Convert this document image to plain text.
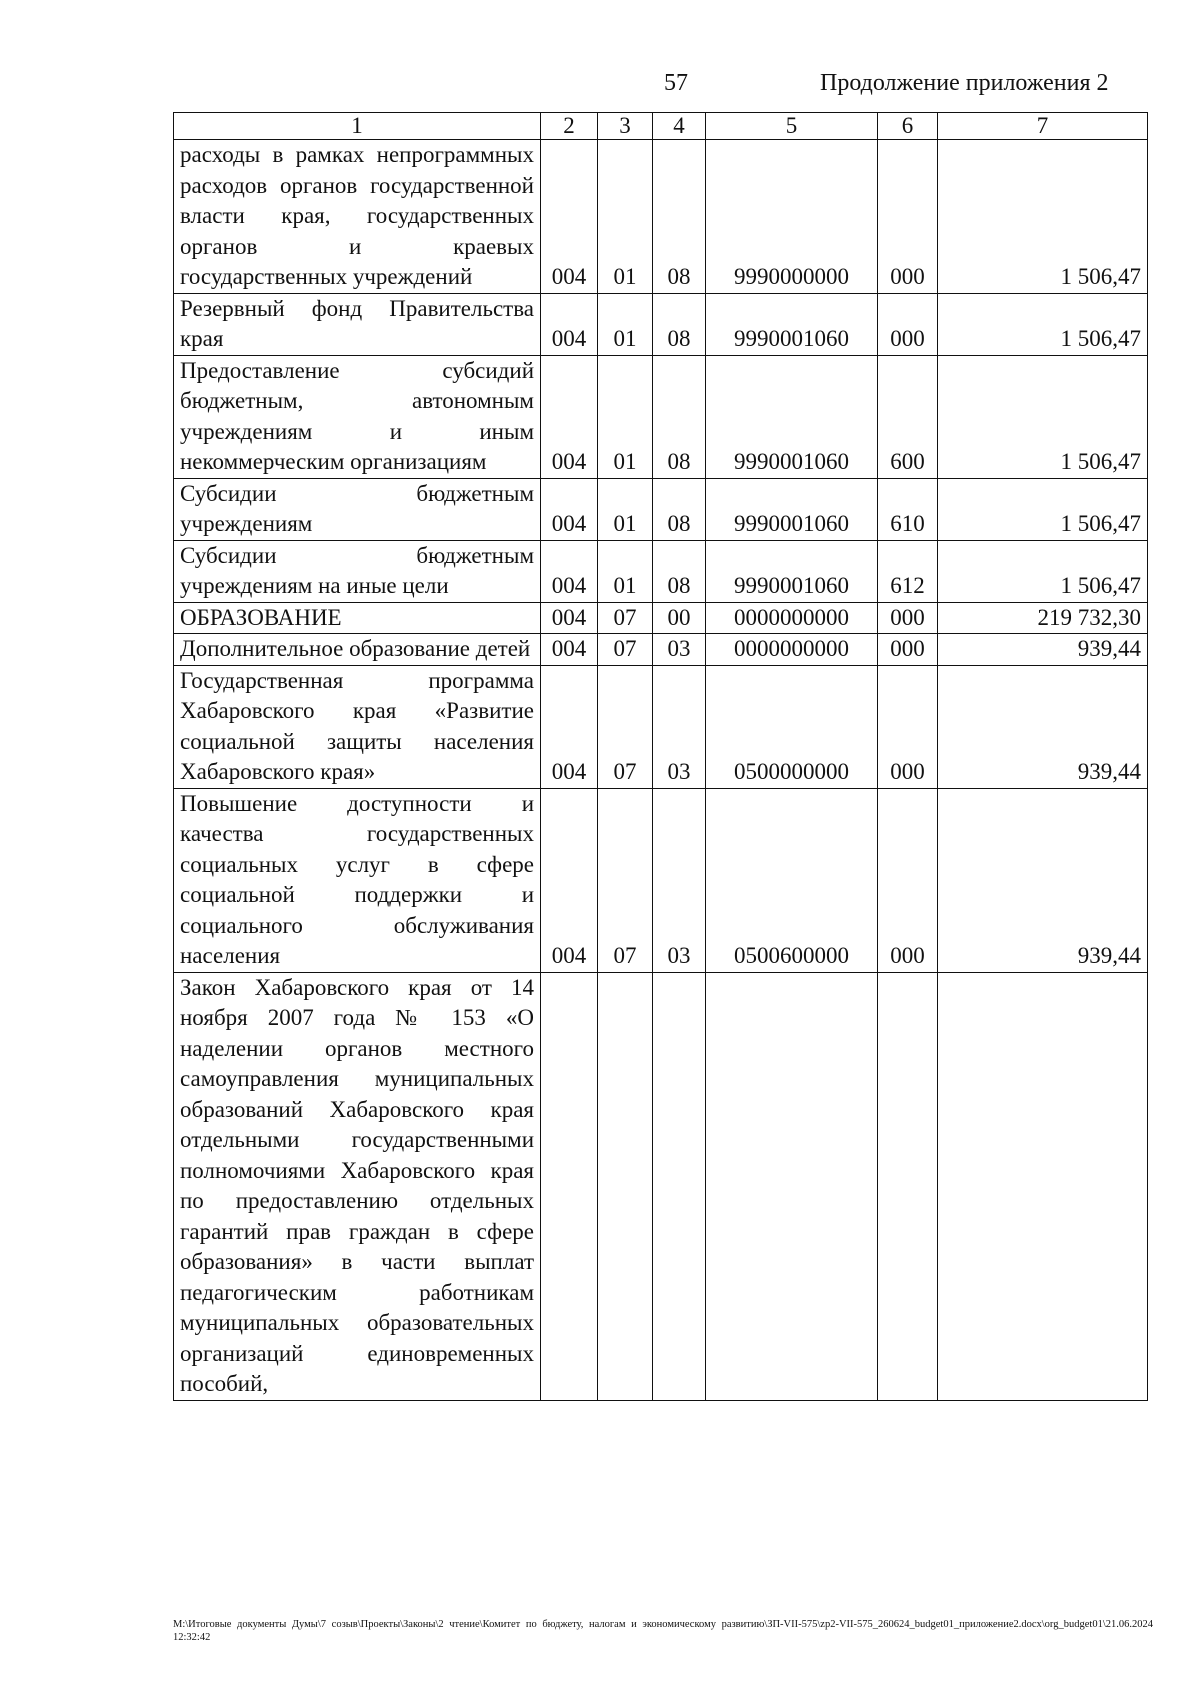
57	Продолжение приложения 2
1	2	3	4	5	6	7
расходы в рамках непрограммных расходов органов государственной власти края, государственных органов и краевых государственных учреждений	004	01	08	9990000000	000	1 506,47
Резервный фонд Правительства края	004	01	08	9990001060	000	1 506,47
Предоставление субсидий бюджетным, автономным учреждениям и иным некоммерческим организациям	004	01	08	9990001060	600	1 506,47
Субсидии бюджетным учреждениям	004	01	08	9990001060	610	1 506,47
Субсидии бюджетным учреждениям на иные цели	004	01	08	9990001060	612	1 506,47
ОБРАЗОВАНИЕ	004	07	00	0000000000	000	219 732,30
Дополнительное образование детей	004	07	03	0000000000	000	939,44
Государственная программа Хабаровского края «Развитие социальной защиты населения Хабаровского края»	004	07	03	0500000000	000	939,44
Повышение доступности и качества государственных социальных услуг в сфере социальной поддержки и социального обслуживания населения	004	07	03	0500600000	000	939,44
Закон Хабаровского края от 14 ноября 2007 года № 153 «О наделении органов местного самоуправления муниципальных образований Хабаровского края отдельными государственными полномочиями Хабаровского края по предоставлению отдельных гарантий прав граждан в сфере образования» в части выплат педагогическим работникам муниципальных образовательных организаций единовременных пособий,						
M:\Итоговые документы Думы\7 созыв\Проекты\Законы\2 чтение\Комитет по бюджету, налогам и экономическому развитию\ЗП-VII-575\zp2-VII-575_260624_budget01_приложение2.docx\org_budget01\21.06.2024 12:32:42
